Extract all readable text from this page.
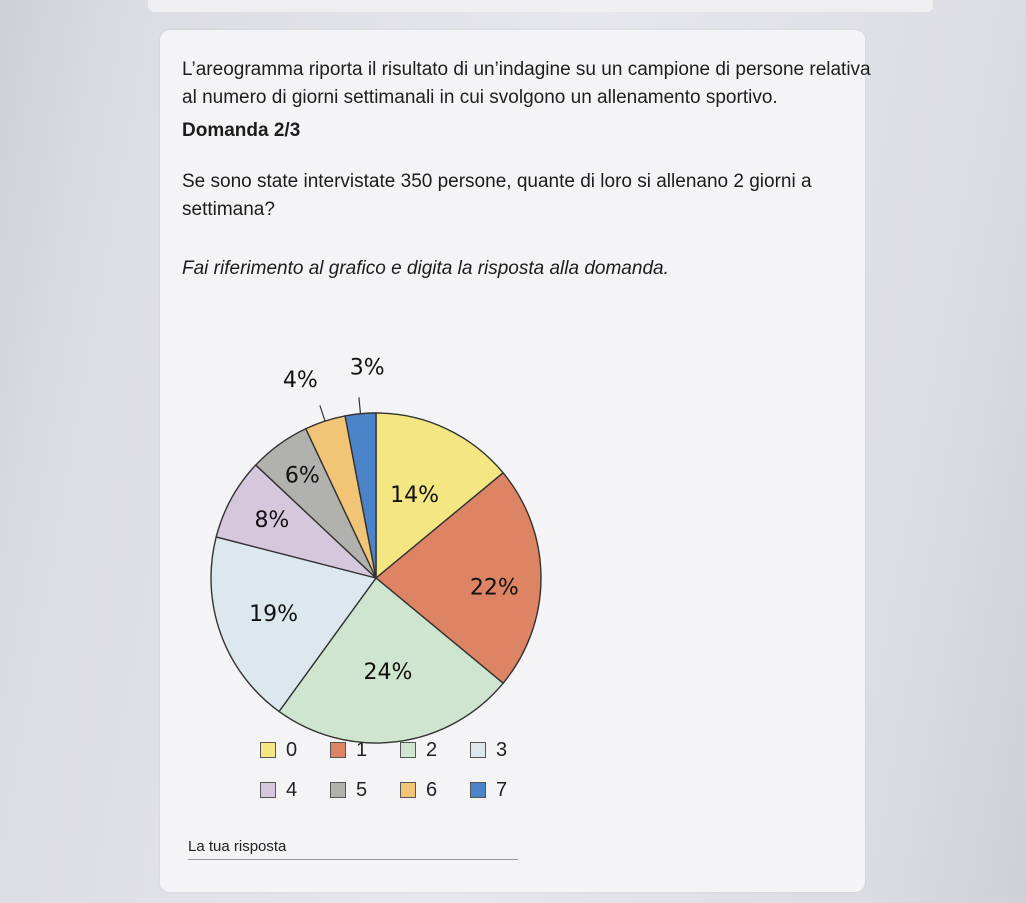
L’areogramma riporta il risultato di un’indagine su un campione di persone relativa al numero di giorni settimanali in cui svolgono un allenamento sportivo.
Domanda 2/3
Se sono state intervistate 350 persone, quante di loro si allenano 2 giorni a settimana?
Fai riferimento al grafico e digita la risposta alla domanda.
14%
22%
24%
19%
8%
6%
4% 3%
0	1	2	3
4	5	6	7
La tua risposta
